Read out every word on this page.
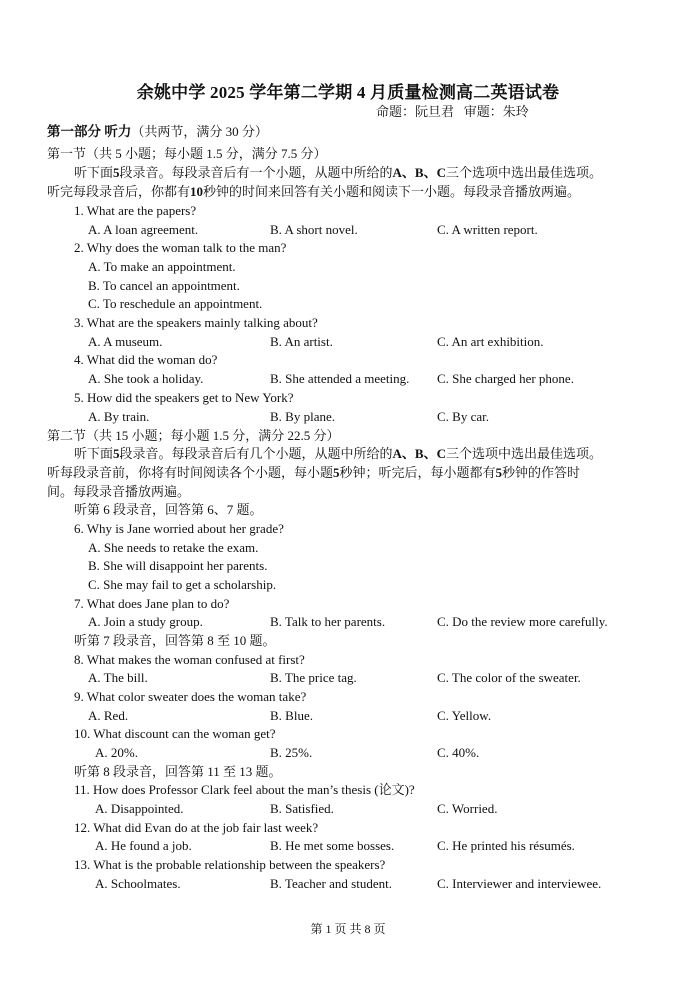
余姚中学 2025 学年第二学期 4 月质量检测高二英语试卷
命题：阮旦君   审题：朱玲
第一部分 听力（共两节，满分 30 分）
第一节（共 5 小题；每小题 1.5 分，满分 7.5 分）
听下面5段录音。每段录音后有一个小题，从题中所给的A、B、C三个选项中选出最佳选项。
听完每段录音后，你都有10秒钟的时间来回答有关小题和阅读下一小题。每段录音播放两遍。
1. What are the papers?
A. A loan agreement.	B. A short novel.	C. A written report.
2. Why does the woman talk to the man?
A. To make an appointment.
B. To cancel an appointment.
C. To reschedule an appointment.
3. What are the speakers mainly talking about?
A. A museum.	B. An artist.	C. An art exhibition.
4. What did the woman do?
A. She took a holiday.	B. She attended a meeting. C. She charged her phone.
5. How did the speakers get to New York?
A. By train.	B. By plane.	C. By car.
第二节（共 15 小题；每小题 1.5 分，满分 22.5 分）
听下面5段录音。每段录音后有几个小题，从题中所给的A、B、C三个选项中选出最佳选项。
听每段录音前，你将有时间阅读各个小题，每小题5秒钟；听完后，每小题都有5秒钟的作答时
间。每段录音播放两遍。
听第 6 段录音，回答第 6、7 题。
6. Why is Jane worried about her grade?
A. She needs to retake the exam.
B. She will disappoint her parents.
C. She may fail to get a scholarship.
7. What does Jane plan to do?
A. Join a study group.	B. Talk to her parents.	C. Do the review more carefully.
听第 7 段录音，回答第 8 至 10 题。
8. What makes the woman confused at first?
A. The bill.	B. The price tag.	C. The color of the sweater.
9. What color sweater does the woman take?
A. Red.	B. Blue.	C. Yellow.
10. What discount can the woman get?
A. 20%.	B. 25%.	C. 40%.
听第 8 段录音，回答第 11 至 13 题。
11. How does Professor Clark feel about the man’s thesis (论文)?
A. Disappointed.	B. Satisfied.	C. Worried.
12. What did Evan do at the job fair last week?
A. He found a job.	B. He met some bosses.	C. He printed his résumés.
13. What is the probable relationship between the speakers?
A. Schoolmates.	B. Teacher and student.	C. Interviewer and interviewee.
第 1 页 共 8 页
